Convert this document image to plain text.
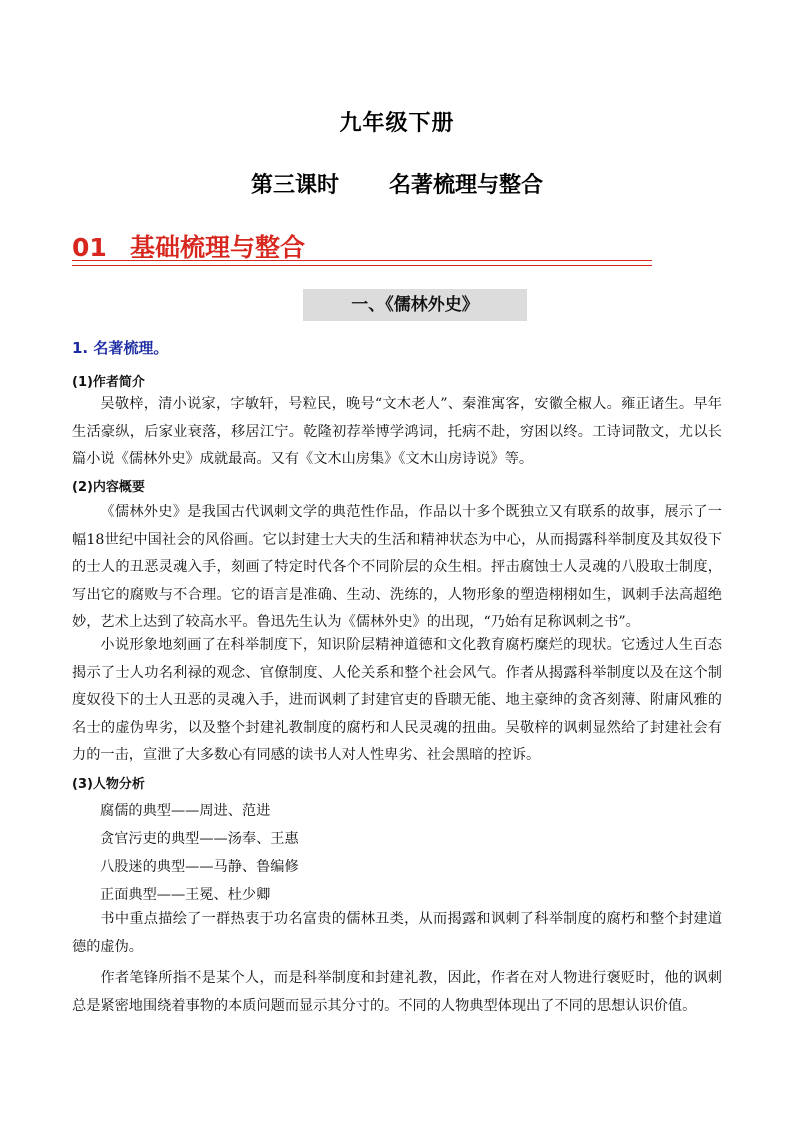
九年级下册
第三课时 名著梳理与整合
01 基础梳理与整合
一、《儒林外史》
1. 名著梳理。
(1)作者简介

吴敬梓，清小说家，字敏轩，号粒民，晚号“文木老人”、秦淮寓客，安徽全椒人。雍正诸生。早年生活豪纵，后家业衰落，移居江宁。乾隆初荐举博学鸿词，托病不赴，穷困以终。工诗词散文，尤以长篇小说《儒林外史》成就最高。又有《文木山房集》《文木山房诗说》等。

(2)内容概要

《儒林外史》是我国古代讽刺文学的典范性作品，作品以十多个既独立又有联系的故事，展示了一幅18世纪中国社会的风俗画。它以封建士大夫的生活和精神状态为中心，从而揭露科举制度及其奴役下的士人的丑恶灵魂入手，刻画了特定时代各个不同阶层的众生相。抨击腐蚀士人灵魂的八股取士制度，写出它的腐败与不合理。它的语言是准确、生动、洗练的，人物形象的塑造栩栩如生，讽刺手法高超绝妙，艺术上达到了较高水平。鲁迅先生认为《儒林外史》的出现，“乃始有足称讽刺之书”。

小说形象地刻画了在科举制度下，知识阶层精神道德和文化教育腐朽糜烂的现状。它透过人生百态揭示了士人功名利禄的观念、官僚制度、人伦关系和整个社会风气。作者从揭露科举制度以及在这个制度奴役下的士人丑恶的灵魂入手，进而讽刺了封建官吏的昏聩无能、地主豪绅的贪吝刻薄、附庸风雅的名士的虚伪卑劣，以及整个封建礼教制度的腐朽和人民灵魂的扭曲。吴敬梓的讽刺显然给了封建社会有力的一击，宣泄了大多数心有同感的读书人对人性卑劣、社会黑暗的控诉。

(3)人物分析
腐儒的典型——周进、范进
贪官污吏的典型——汤奉、王惠
八股迷的典型——马静、鲁编修
正面典型——王冕、杜少卿

书中重点描绘了一群热衷于功名富贵的儒林丑类，从而揭露和讽刺了科举制度的腐朽和整个封建道德的虚伪。

作者笔锋所指不是某个人，而是科举制度和封建礼教，因此，作者在对人物进行褒贬时，他的讽刺总是紧密地围绕着事物的本质问题而显示其分寸的。不同的人物典型体现出了不同的思想认识价值。
